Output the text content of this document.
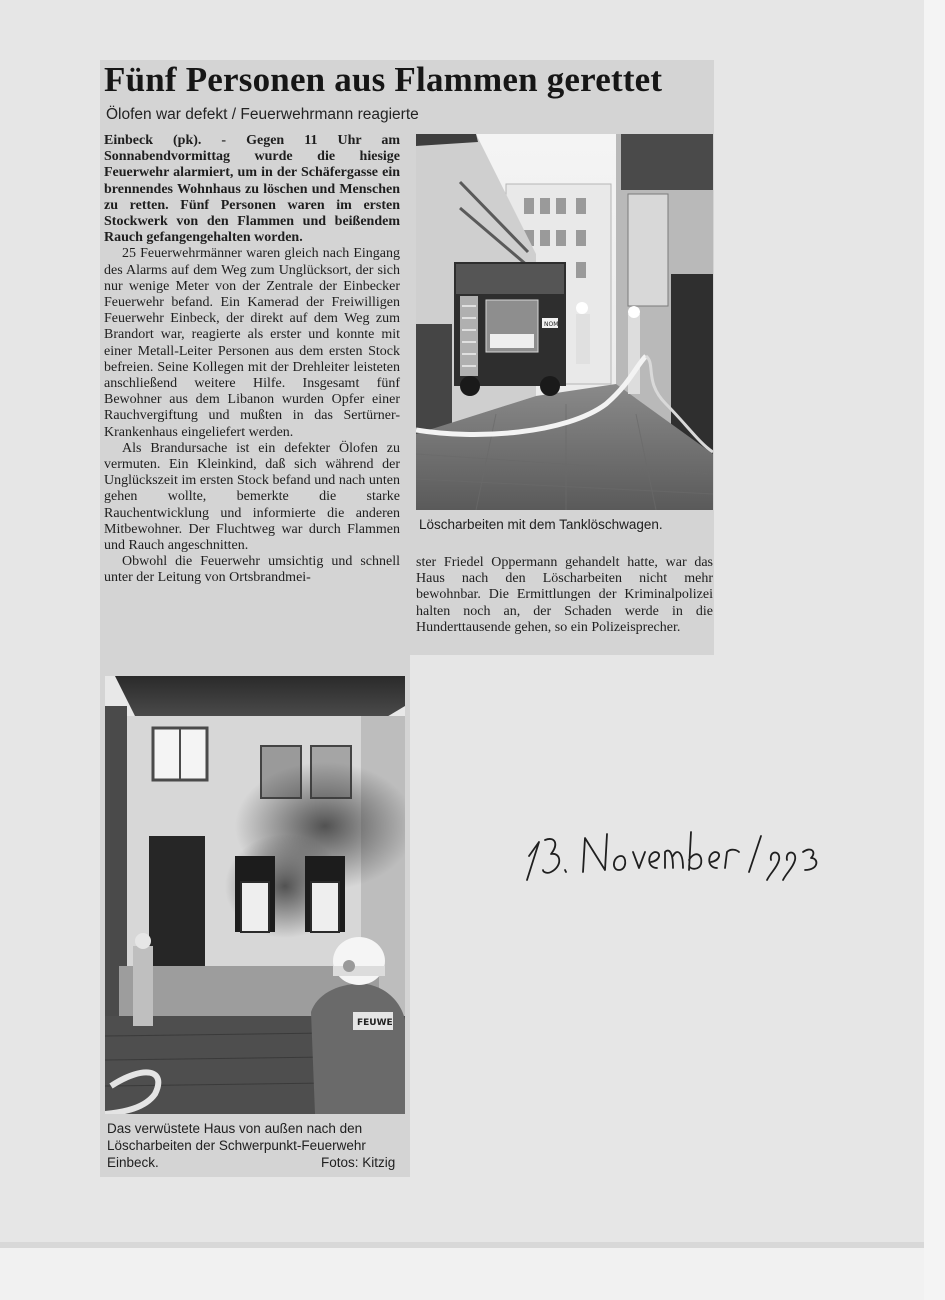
Fünf Personen aus Flammen gerettet
Ölofen war defekt / Feuerwehrmann reagierte

Einbeck (pk). - Gegen 11 Uhr am Sonnabendvormittag wurde die hiesige Feuerwehr alarmiert, um in der Schäfergasse ein brennendes Wohnhaus zu löschen und Menschen zu retten. Fünf Personen waren im ersten Stockwerk von den Flammen und beißendem Rauch gefangengehalten worden.

25 Feuerwehrmänner waren gleich nach Eingang des Alarms auf dem Weg zum Unglücksort, der sich nur wenige Meter von der Zentrale der Einbecker Feuerwehr befand. Ein Kamerad der Freiwilligen Feuerwehr Einbeck, der direkt auf dem Weg zum Brandort war, reagierte als erster und konnte mit einer Metall-Leiter Personen aus dem ersten Stock befreien. Seine Kollegen mit der Drehleiter leisteten anschließend weitere Hilfe. Insgesamt fünf Bewohner aus dem Libanon wurden Opfer einer Rauchvergiftung und mußten in das Sertürner-Krankenhaus eingeliefert werden.

Als Brandursache ist ein defekter Ölofen zu vermuten. Ein Kleinkind, daß sich während der Unglückszeit im ersten Stock befand und nach unten gehen wollte, bemerkte die starke Rauchentwicklung und informierte die anderen Mitbewohner. Der Fluchtweg war durch Flammen und Rauch angeschnitten.

Obwohl die Feuerwehr umsichtig und schnell unter der Leitung von Ortsbrandmei-

ster Friedel Oppermann gehandelt hatte, war das Haus nach den Löscharbeiten nicht mehr bewohnbar. Die Ermittlungen der Kriminalpolizei halten noch an, der Schaden werde in die Hunderttausende gehen, so ein Polizeisprecher.

NOM
Löscharbeiten mit dem Tanklöschwagen.
FEUWE
Das verwüstete Haus von außen nach den Löscharbeiten der Schwerpunkt-Feuerwehr Einbeck.	Fotos: Kitzig
